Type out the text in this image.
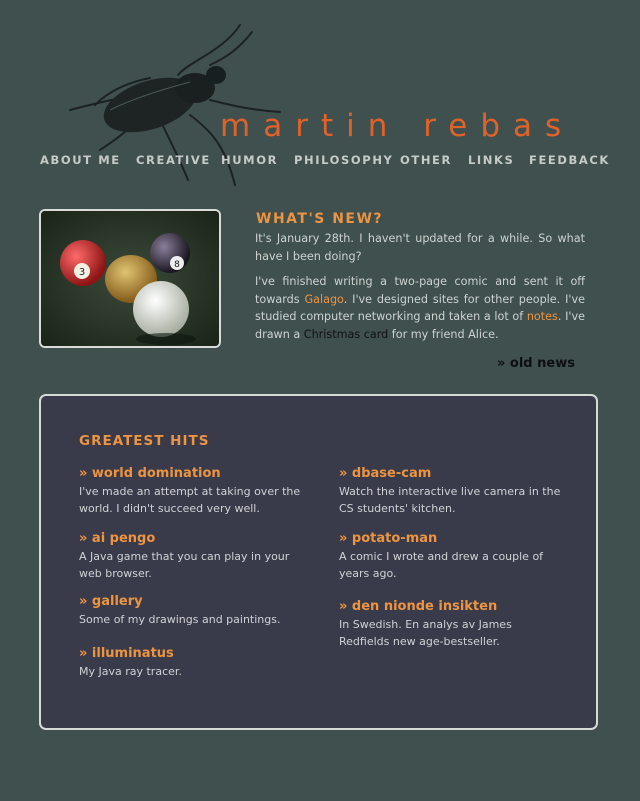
martin rebas
ABOUT ME CREATIVE HUMOR PHILOSOPHY OTHER LINKS FEEDBACK
3
8
WHAT'S NEW?

It's January 28th. I haven't updated for a while. So what have I been doing?

I've finished writing a two-page comic and sent it off towards Galago. I've designed sites for other people. I've studied computer networking and taken a lot of notes. I've drawn a Christmas card for my friend Alice.

» old news
GREATEST HITS
» world domination

I've made an attempt at taking over the world. I didn't succeed very well.

» ai pengo

A Java game that you can play in your web browser.

» gallery

Some of my drawings and paintings.

» illuminatus

My Java ray tracer.

» dbase-cam

Watch the interactive live camera in the CS students' kitchen.

» potato-man

A comic I wrote and drew a couple of years ago.

» den nionde insikten

In Swedish. En analys av James Redfields new age-bestseller.
